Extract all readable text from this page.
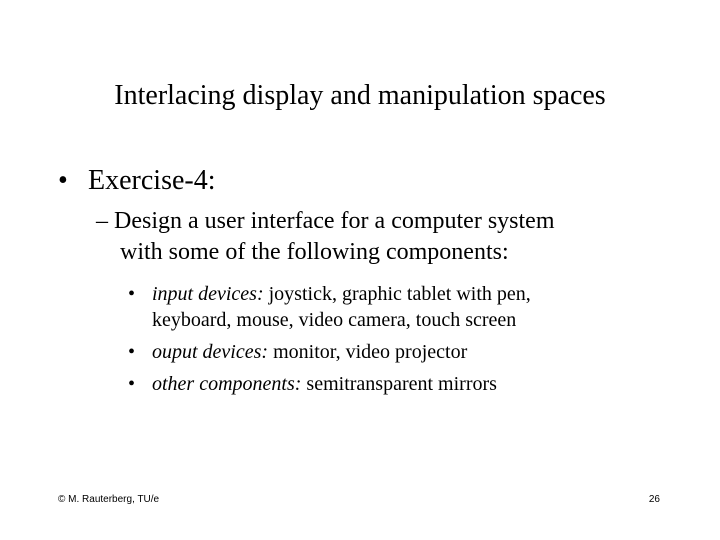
Interlacing display and manipulation spaces
• Exercise-4:
– Design a user interface for a computer system
with some of the following components:
• input devices: joystick, graphic tablet with pen,
keyboard, mouse, video camera, touch screen
• ouput devices: monitor, video projector
• other components: semitransparent mirrors
© M. Rauterberg, TU/e	26
